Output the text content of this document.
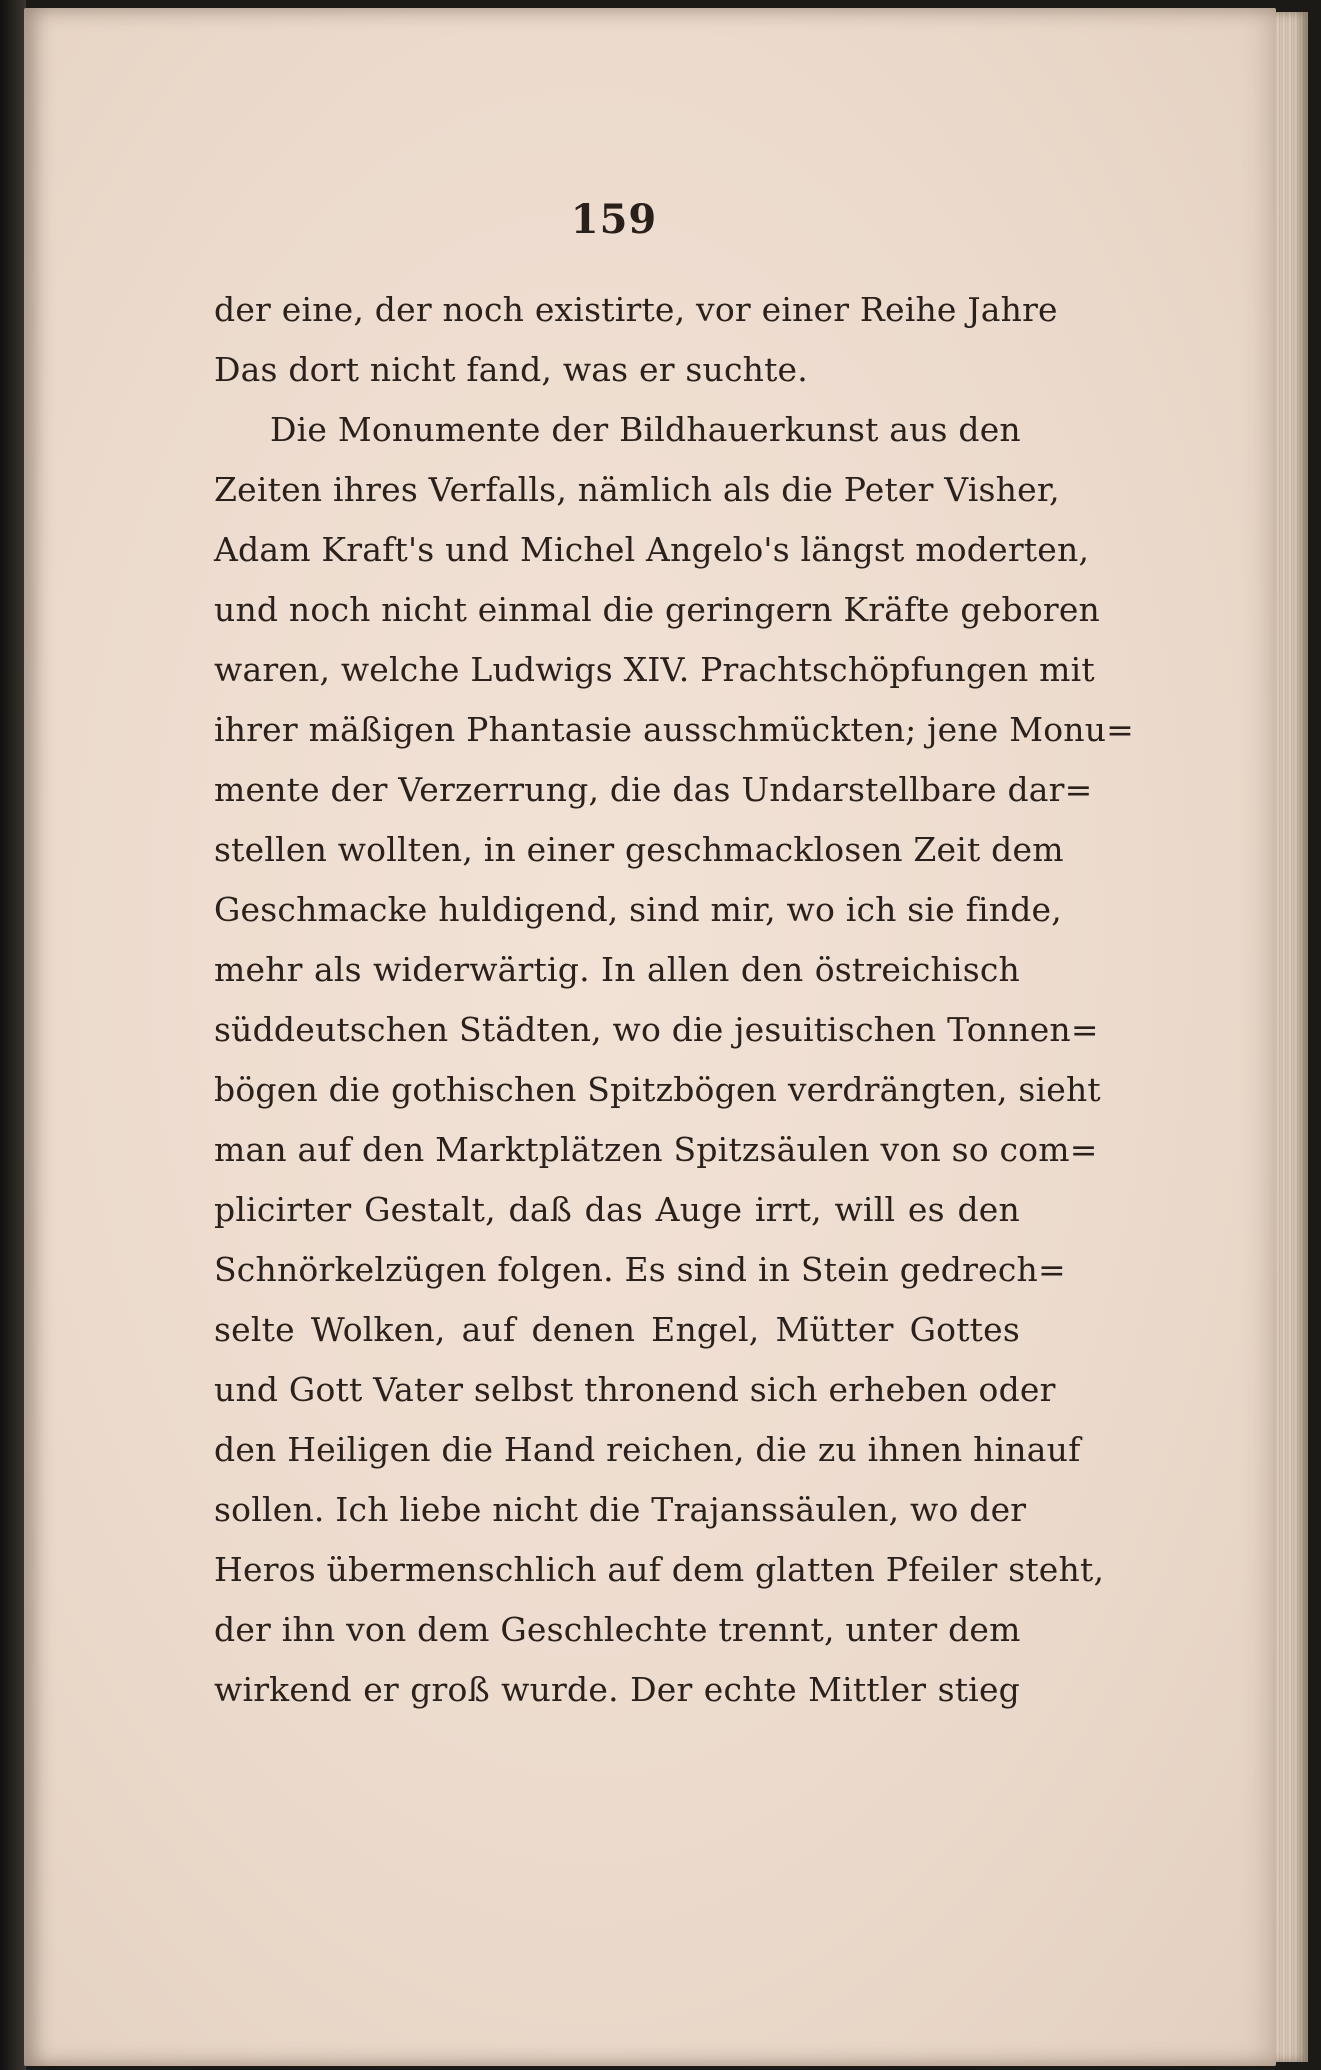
159
der eine, der noch existirte, vor einer Reihe Jahre
Das dort nicht fand, was er suchte.
Die Monumente der Bildhauerkunst aus den
Zeiten ihres Verfalls, nämlich als die Peter Visher,
Adam Kraft's und Michel Angelo's längst moderten,
und noch nicht einmal die geringern Kräfte geboren
waren, welche Ludwigs XIV. Prachtschöpfungen mit
ihrer mäßigen Phantasie ausschmückten; jene Monu=
mente der Verzerrung, die das Undarstellbare dar=
stellen wollten, in einer geschmacklosen Zeit dem
Geschmacke huldigend, sind mir, wo ich sie finde,
mehr als widerwärtig. In allen den östreichisch
süddeutschen Städten, wo die jesuitischen Tonnen=
bögen die gothischen Spitzbögen verdrängten, sieht
man auf den Marktplätzen Spitzsäulen von so com=
plicirter Gestalt, daß das Auge irrt, will es den
Schnörkelzügen folgen. Es sind in Stein gedrech=
selte Wolken, auf denen Engel, Mütter Gottes
und Gott Vater selbst thronend sich erheben oder
den Heiligen die Hand reichen, die zu ihnen hinauf
sollen. Ich liebe nicht die Trajanssäulen, wo der
Heros übermenschlich auf dem glatten Pfeiler steht,
der ihn von dem Geschlechte trennt, unter dem
wirkend er groß wurde. Der echte Mittler stieg
